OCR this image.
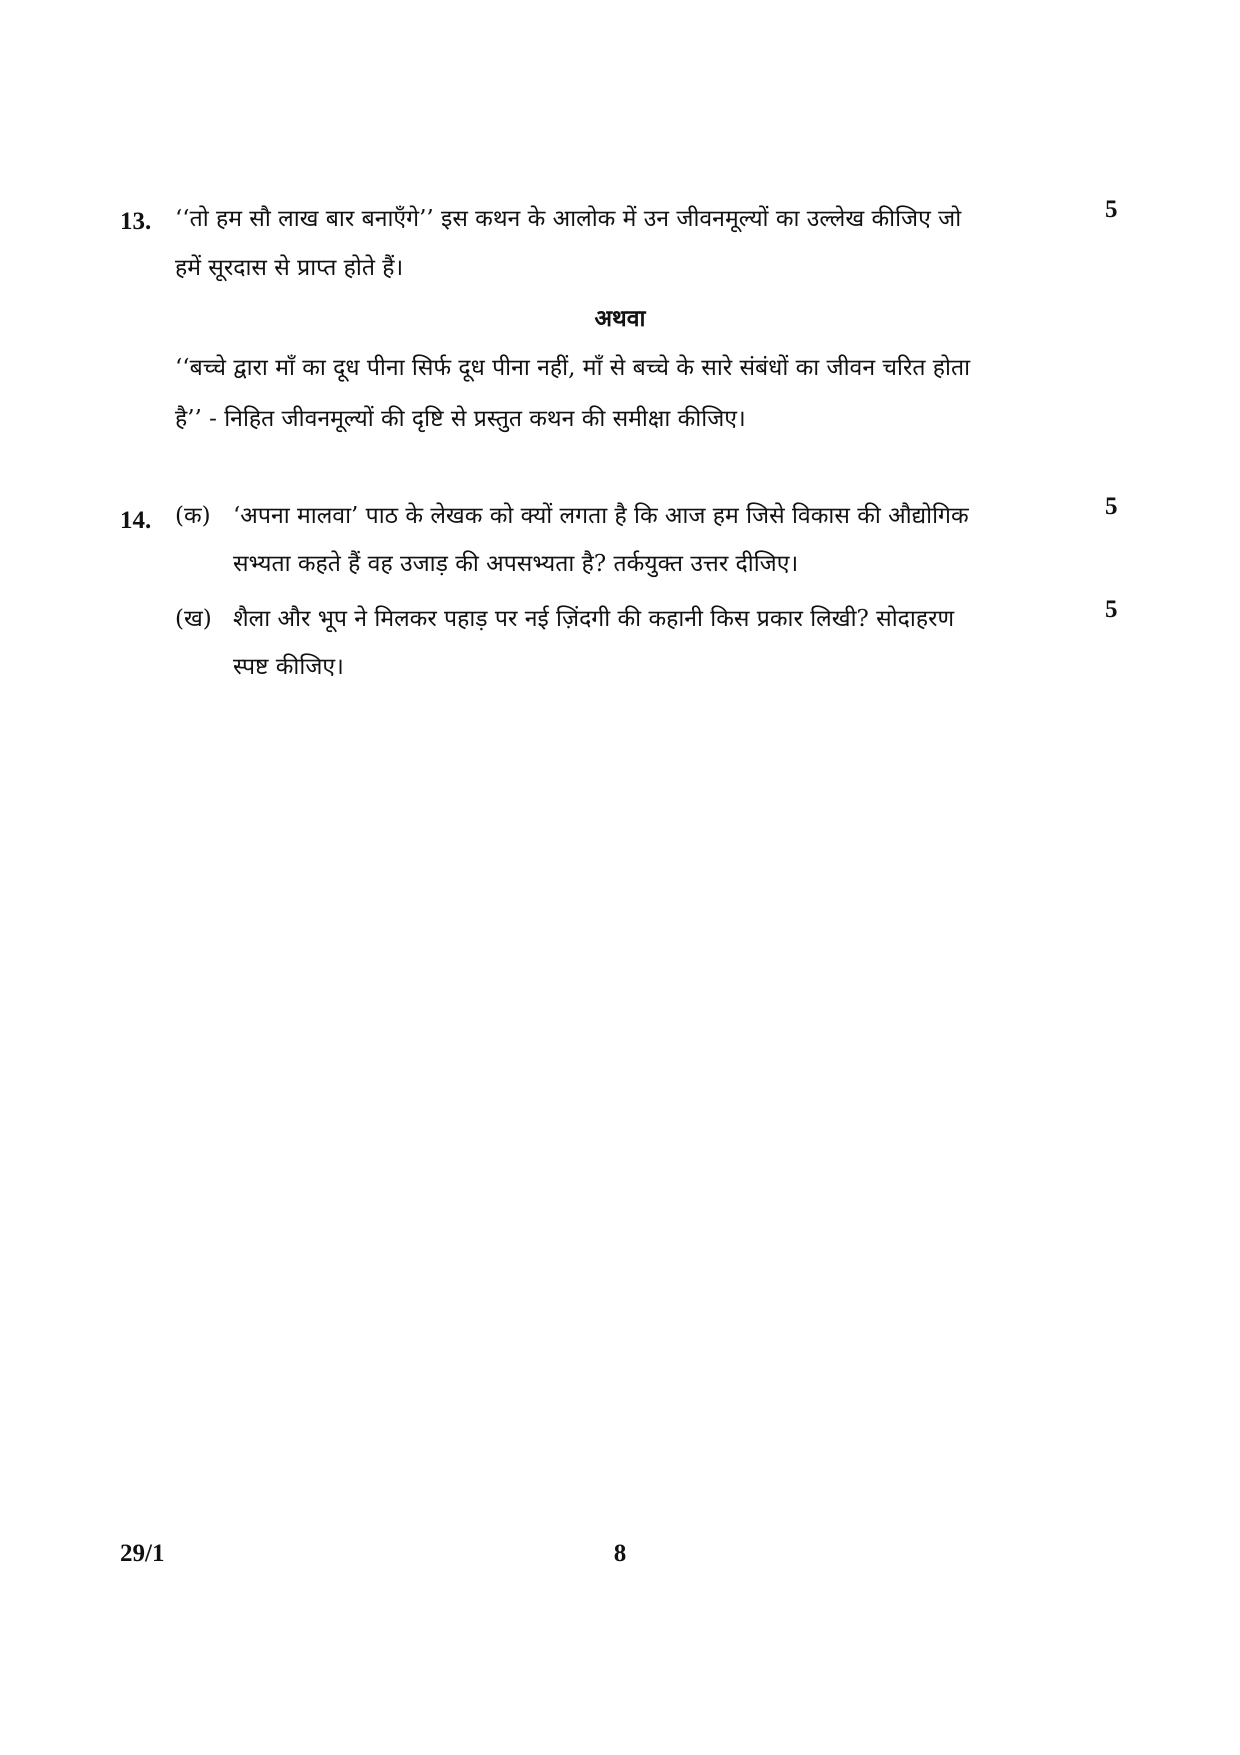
13.	5
‘‘तो हम सौ लाख बार बनाएँगे’’ इस कथन के आलोक में उन जीवनमूल्यों का उल्लेख कीजिए जो
हमें सूरदास से प्राप्त होते हैं।
अथवा
‘‘बच्चे द्वारा माँ का दूध पीना सिर्फ दूध पीना नहीं, माँ से बच्चे के सारे संबंधों का जीवन चरित होता
है’’ - निहित जीवनमूल्यों की दृष्टि से प्रस्तुत कथन की समीक्षा कीजिए।
14. (क)	5
‘अपना मालवा’ पाठ के लेखक को क्यों लगता है कि आज हम जिसे विकास की औद्योगिक
सभ्यता कहते हैं वह उजाड़ की अपसभ्यता है? तर्कयुक्त उत्तर दीजिए।
(ख)	5
शैला और भूप ने मिलकर पहाड़ पर नई ज़िंदगी की कहानी किस प्रकार लिखी? सोदाहरण
स्पष्ट कीजिए।
29/1	8
